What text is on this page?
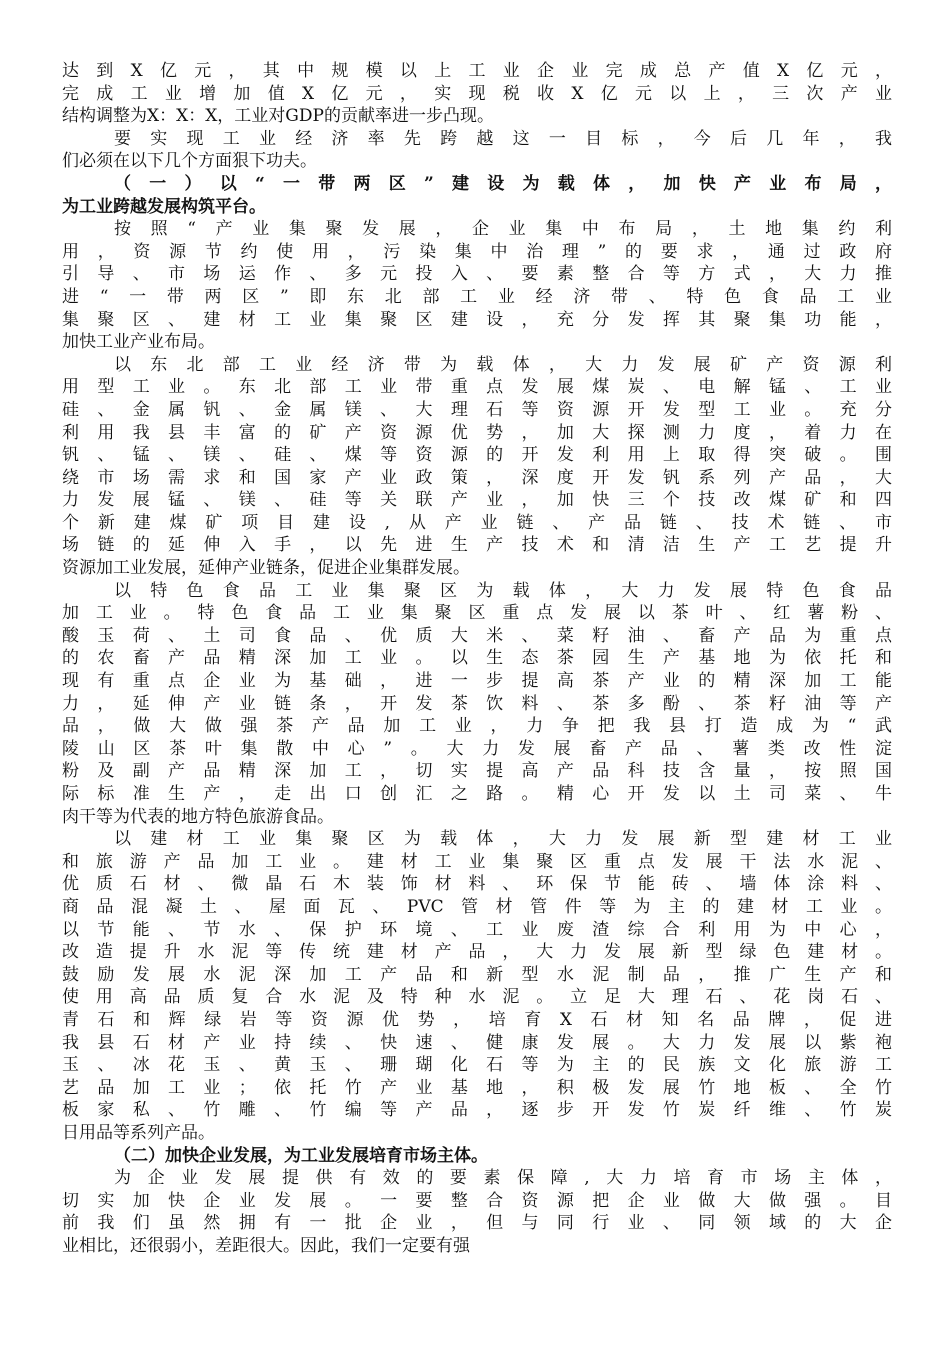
达到X亿元，其中规模以上工业企业完成总产值X亿元，
完成工业增加值X亿元，实现税收X亿元以上，三次产业
结构调整为X：X：X，工业对GDP的贡献率进一步凸现。
要实现工业经济率先跨越这一目标，今后几年，我
们必须在以下几个方面狠下功夫。
（一）以“一带两区”建设为载体，加快产业布局，
为工业跨越发展构筑平台。
按照“产业集聚发展，企业集中布局，土地集约利
用，资源节约使用，污染集中治理”的要求，通过政府
引导、市场运作、多元投入、要素整合等方式，大力推
进“一带两区”即东北部工业经济带、特色食品工业
集聚区、建材工业集聚区建设，充分发挥其聚集功能，
加快工业产业布局。
以东北部工业经济带为载体，大力发展矿产资源利
用型工业。东北部工业带重点发展煤炭、电解锰、工业
硅、金属钒、金属镁、大理石等资源开发型工业。充分
利用我县丰富的矿产资源优势，加大探测力度，着力在
钒、锰、镁、硅、煤等资源的开发利用上取得突破。围
绕市场需求和国家产业政策，深度开发钒系列产品，大
力发展锰、镁、硅等关联产业，加快三个技改煤矿和四
个新建煤矿项目建设,从产业链、产品链、技术链、市
场链的延伸入手，以先进生产技术和清洁生产工艺提升
资源加工业发展，延伸产业链条，促进企业集群发展。
以特色食品工业集聚区为载体，大力发展特色食品
加工业。特色食品工业集聚区重点发展以茶叶、红薯粉、
酸玉荷、土司食品、优质大米、菜籽油、畜产品为重点
的农畜产品精深加工业。以生态茶园生产基地为依托和
现有重点企业为基础，进一步提高茶产业的精深加工能
力，延伸产业链条，开发茶饮料、茶多酚、茶籽油等产
品，做大做强茶产品加工业，力争把我县打造成为“武
陵山区茶叶集散中心”。大力发展畜产品、薯类改性淀
粉及副产品精深加工，切实提高产品科技含量，按照国
际标准生产，走出口创汇之路。精心开发以土司菜、牛
肉干等为代表的地方特色旅游食品。
以建材工业集聚区为载体，大力发展新型建材工业
和旅游产品加工业。建材工业集聚区重点发展干法水泥、
优质石材、微晶石木装饰材料、环保节能砖、墙体涂料、
商品混凝土、屋面瓦、PVC管材管件等为主的建材工业。
以节能、节水、保护环境、工业废渣综合利用为中心，
改造提升水泥等传统建材产品，大力发展新型绿色建材。
鼓励发展水泥深加工产品和新型水泥制品，推广生产和
使用高品质复合水泥及特种水泥。立足大理石、花岗石、
青石和辉绿岩等资源优势，培育X石材知名品牌，促进
我县石材产业持续、快速、健康发展。大力发展以紫袍
玉、冰花玉、黄玉、珊瑚化石等为主的民族文化旅游工
艺品加工业；依托竹产业基地，积极发展竹地板、全竹
板家私、竹雕、竹编等产品，逐步开发竹炭纤维、竹炭
日用品等系列产品。
（二）加快企业发展，为工业发展培育市场主体。
为企业发展提供有效的要素保障,大力培育市场主体，
切实加快企业发展。一要整合资源把企业做大做强。目
前我们虽然拥有一批企业，但与同行业、同领域的大企
业相比，还很弱小，差距很大。因此，我们一定要有强
